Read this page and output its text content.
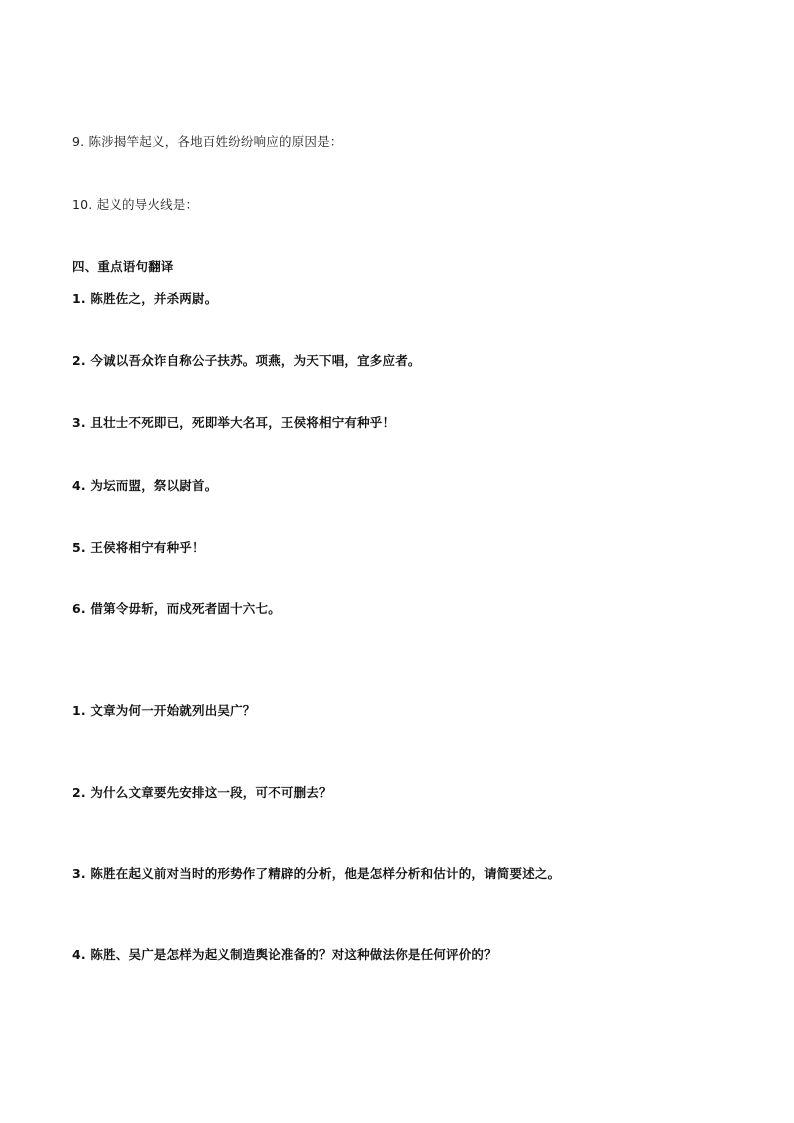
9. 陈涉揭竿起义，各地百姓纷纷响应的原因是：
10. 起义的导火线是：
四、重点语句翻译
1. 陈胜佐之，并杀两尉。
2. 今诚以吾众诈自称公子扶苏。项燕，为天下唱，宜多应者。
3. 且壮士不死即已，死即举大名耳，王侯将相宁有种乎！
4. 为坛而盟，祭以尉首。
5. 王侯将相宁有种乎！
6. 借第令毋斩，而戍死者固十六七。
1. 文章为何一开始就列出吴广？
2. 为什么文章要先安排这一段，可不可删去？
3. 陈胜在起义前对当时的形势作了精辟的分析，他是怎样分析和估计的，请简要述之。
4. 陈胜、吴广是怎样为起义制造舆论准备的？对这种做法你是任何评价的？
